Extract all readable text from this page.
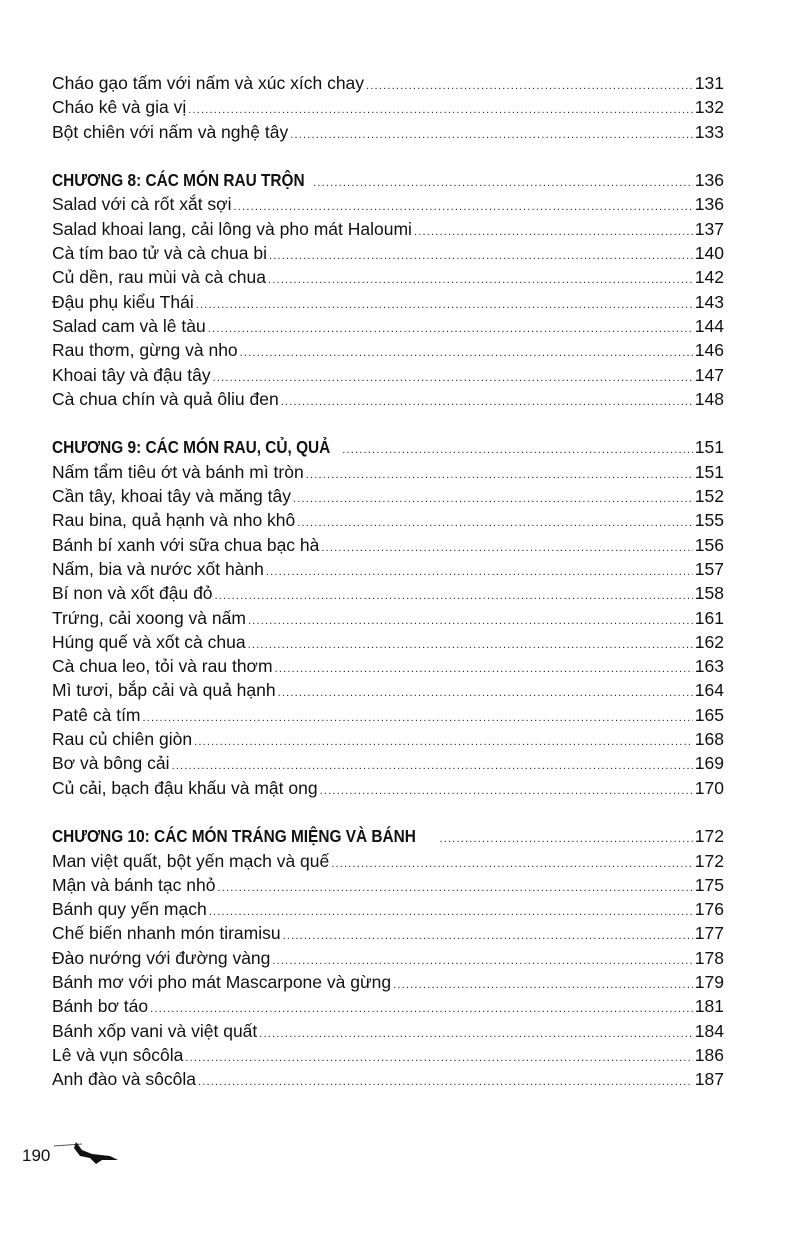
Cháo gạo tấm với nấm và xúc xích chay .....	131
Cháo kê và gia vị .....	132
Bột chiên với nấm và nghệ tây .....	133
CHƯƠNG 8: CÁC MÓN RAU TRỘN .....	136
Salad với cà rốt xắt sợi .....	136
Salad khoai lang, cải lông và pho mát Haloumi .....	137
Cà tím bao tử và cà chua bi .....	140
Củ dền, rau mùi và cà chua .....	142
Đậu phụ kiểu Thái .....	143
Salad cam và lê tàu .....	144
Rau thơm, gừng và nho .....	146
Khoai tây và đậu tây .....	147
Cà chua chín và quả ôliu đen .....	148
CHƯƠNG 9: CÁC MÓN RAU, CỦ, QUẢ .....	151
Nấm tẩm tiêu ớt và bánh mì tròn .....	151
Cần tây, khoai tây và măng tây .....	152
Rau bina, quả hạnh và nho khô .....	155
Bánh bí xanh với sữa chua bạc hà .....	156
Nấm, bia và nước xốt hành .....	157
Bí non và xốt đậu đỏ .....	158
Trứng, cải xoong và nấm .....	161
Húng quế và xốt cà chua .....	162
Cà chua leo, tỏi và rau thơm .....	163
Mì tươi, bắp cải và quả hạnh .....	164
Patê cà tím .....	165
Rau củ chiên giòn .....	168
Bơ và bông cải .....	169
Củ cải, bạch đậu khấu và mật ong .....	170
CHƯƠNG 10: CÁC MÓN TRÁNG MIỆNG VÀ BÁNH .....	172
Man việt quất, bột yến mạch và quế .....	172
Mận và bánh tạc nhỏ .....	175
Bánh quy yến mạch .....	176
Chế biến nhanh món tiramisu .....	177
Đào nướng với đường vàng .....	178
Bánh mơ với pho mát Mascarpone và gừng .....	179
Bánh bơ táo .....	181
Bánh xốp vani và việt quất .....	184
Lê và vụn sôcôla .....	186
Anh đào và sôcôla .....	187
190
